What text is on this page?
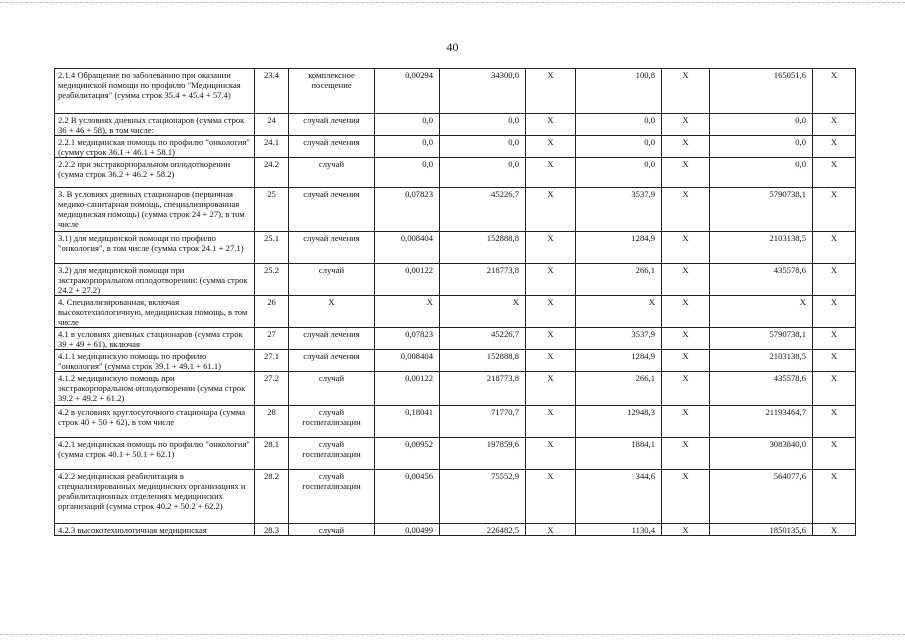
40
2.1.4 Обращение по заболеванию при оказании медицинской помощи по профилю "Медицинская реабилитация" (сумма строк 35.4 + 45.4 + 57.4)	23.4	комплексное посещение	0,00294	34300,0	X	100,8	X	165051,6	X
2.2 В условиях дневных стационаров (сумма строк 36 + 46 + 58), в том числе:	24	случай лечения	0,0	0,0	X	0,0	X	0,0	X
2.2.1 медицинская помощь по профилю "онкология" (сумму строк 36.1 + 46.1 + 58.1)	24.1	случай лечения	0,0	0,0	X	0,0	X	0,0	X
2.2.2 при экстракорпоральном оплодотворении (сумма строк 36.2 + 46.2 + 58.2)	24.2	случай	0,0	0,0	X	0,0	X	0,0	X
3. В условиях дневных стационаров (первичная медико-санитарная помощь, специализированная медицинская помощь) (сумма строк 24 + 27), в том числе	25	случай лечения	0,07823	45226,7	X	3537,9	X	5790738,1	X
3.1) для медицинской помощи по профилю "онкология", в том числе (сумма строк 24.1 + 27.1)	25.1	случай лечения	0,008404	152888,8	X	1284,9	X	2103138,5	X
3.2) для медицинской помощи при экстракорпоральном оплодотворении: (сумма строк 24.2 + 27.2)	25.2	случай	0,00122	218773,8	X	266,1	X	435578,6	X
4. Специализированная, включая высокотехнологичную, медицинская помощь, в том числе	26	X	X	X	X	X	X	X	X
4.1 в условиях дневных стационаров (сумма строк 39 + 49 + 61), включая	27	случай лечения	0,07823	45226,7	X	3537,9	X	5790738,1	X
4.1.1 медицинскую помощь по профилю "онкология" (сумма строк 39.1 + 49.1 + 61.1)	27.1	случай лечения	0,008404	152888,8	X	1284,9	X	2103138,5	X
4.1.2 медицинскую помощь при экстракорпоральном оплодотворении (сумма строк 39.2 + 49.2 + 61.2)	27.2	случай	0,00122	218773,8	X	266,1	X	435578,6	X
4.2 в условиях круглосуточного стационара (сумма строк 40 + 50 + 62), в том числе	28	случай госпитализации	0,18041	71770,7	X	12948,3	X	21193464,7	X
4.2.1 медицинская помощь по профилю "онкология" (сумма строк 40.1 + 50.1 + 62.1)	28.1	случай госпитализации	0,00952	197859,6	X	1884,1	X	3083840,0	X
4.2.2 медицинская реабилитация в специализированных медицинских организациях и реабилитационных отделениях медицинских организаций (сумма строк 40.2 + 50.2 + 62.2)	28.2	случай госпитализации	0,00456	75552,9	X	344,6	X	564077,6	X
4.2.3 высокотехнологичная медицинская	28.3	случай	0,00499	226482,5	X	1130,4	X	1850135,6	X
